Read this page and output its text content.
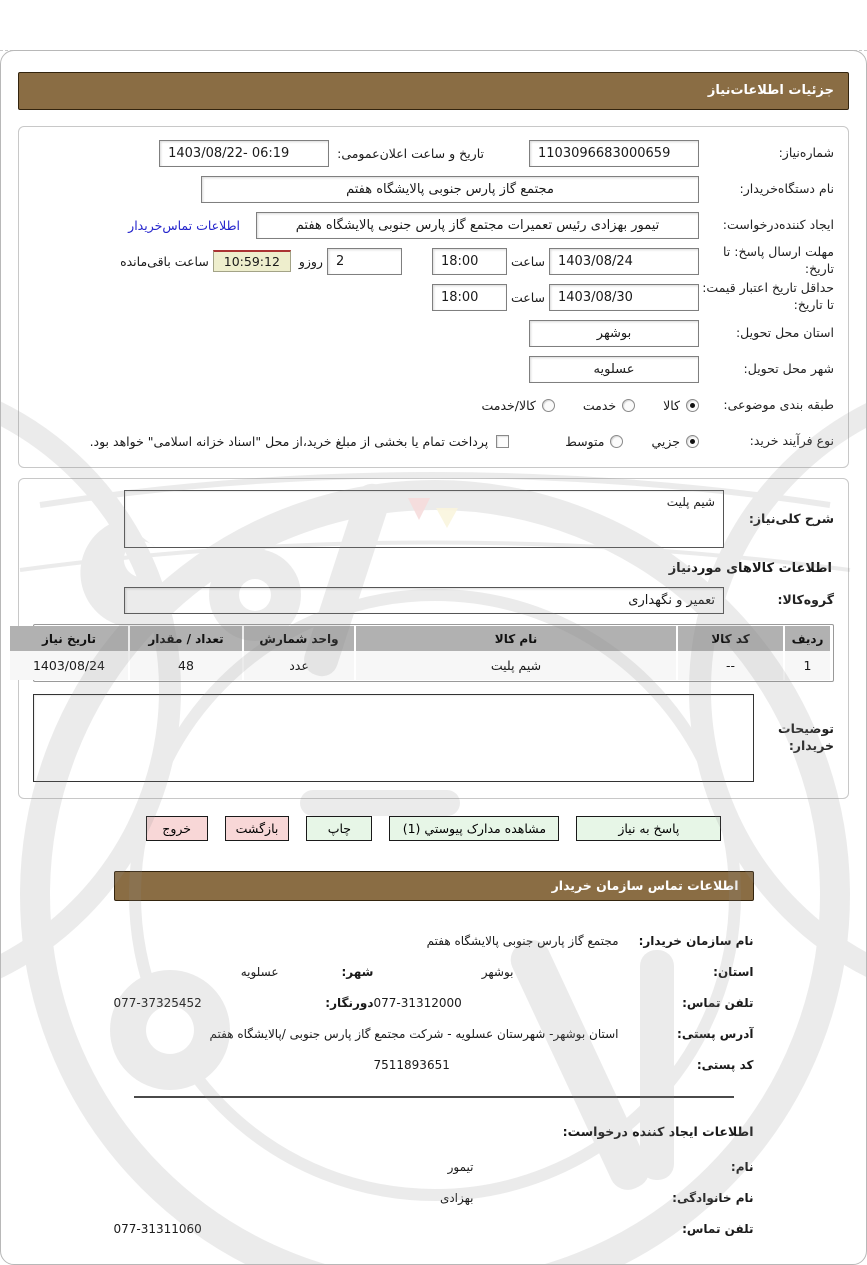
جزئیات اطلاعات‌نیاز
شماره‌نیاز:
1103096683000659
تاریخ و ساعت اعلان‌عمومی:
1403/08/22- 06:19
نام دستگاه‌خریدار:
مجتمع گاز پارس جنوبی پالایشگاه هفتم
ایجاد کننده‌درخواست:
تیمور بهزادی رئیس تعمیرات مجتمع گاز پارس جنوبی پالایشگاه هفتم
اطلاعات تماس‌خریدار
مهلت ارسال پاسخ: تا تاریخ:
1403/08/24
ساعت
18:00
2
روزو
10:59:12
ساعت باقی‌مانده
حداقل تاریخ اعتبار قیمت: تا تاریخ:
1403/08/30
ساعت
18:00
استان محل تحویل:
بوشهر
شهر محل تحویل:
عسلویه
طبقه بندی موضوعی:
کالا
خدمت
کالا/خدمت
نوع فرآیند خرید:
جزیي
متوسط
پرداخت تمام یا بخشی از مبلغ خرید،از محل "اسناد خزانه اسلامی" خواهد بود.
شرح کلی‌نیاز:
شیم پلیت
اطلاعات کالاهای موردنیاز
گروه‌کالا:
تعمیر و نگهداری
ردیف	کد کالا	نام کالا	واحد شمارش	تعداد / مقدار	تاریخ نیاز
1	--	شیم پلیت	عدد	48	1403/08/24
توضیحات خریدار:
پاسخ به نیاز
مشاهده مدارک پیوستي (1)
چاپ
بازگشت
خروج
اطلاعات تماس سازمان خریدار
نام سازمان خریدار:
مجتمع گاز پارس جنوبی پالایشگاه هفتم
استان:
بوشهر
شهر:
عسلویه
تلفن تماس:
077-31312000
دورنگار:
077-37325452
آدرس پستی:
استان بوشهر- شهرستان عسلویه - شرکت مجتمع گاز پارس جنوبی /پالایشگاه هفتم
کد پستی:
7511893651
اطلاعات ایجاد کننده درخواست:
نام:
تیمور
نام خانوادگی:
بهزادی
تلفن تماس:
077-31311060
